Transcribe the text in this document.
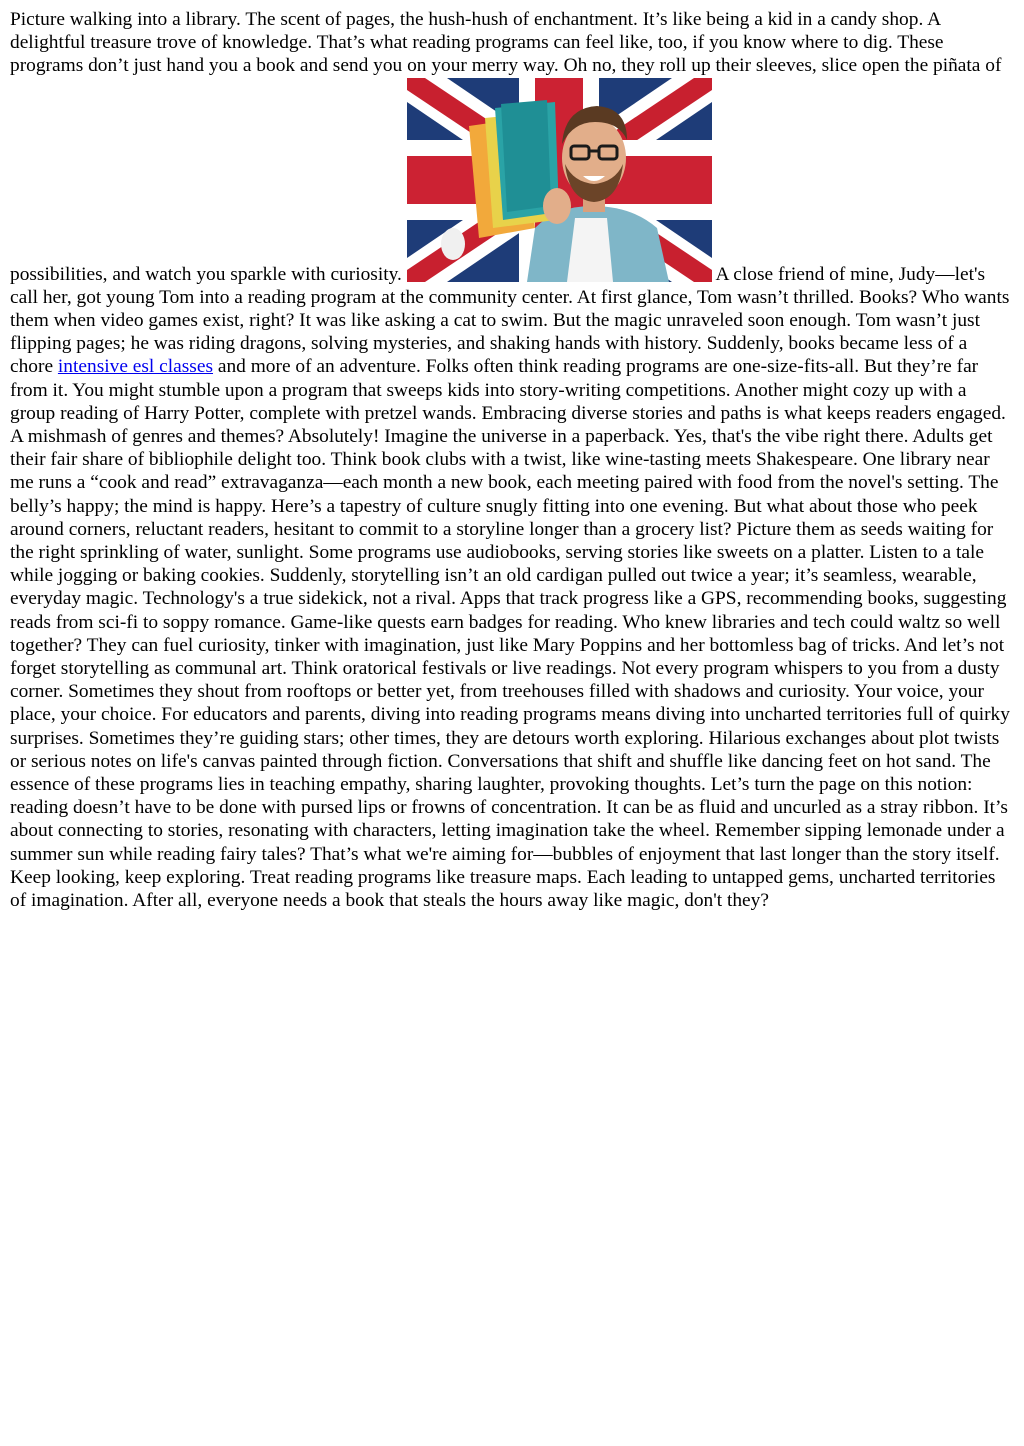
Picture walking into a library. The scent of pages, the hush-hush of enchantment. It’s like being a kid in a candy shop. A delightful treasure trove of knowledge. That’s what reading programs can feel like, too, if you know where to dig. These programs don’t just hand you a book and send you on your merry way. Oh no, they roll up their sleeves, slice open the piñata of possibilities, and watch you sparkle with curiosity.	A close friend of mine, Judy—let's call her, got young Tom into a reading program at the community center. At first glance, Tom wasn’t thrilled. Books? Who wants them when video games exist, right? It was like asking a cat to swim. But the magic unraveled soon enough. Tom wasn’t just flipping pages; he was riding dragons, solving mysteries, and shaking hands with history. Suddenly, books became less of a chore intensive esl classes and more of an adventure. Folks often think reading programs are one-size-fits-all. But they’re far from it. You might stumble upon a program that sweeps kids into story-writing competitions. Another might cozy up with a group reading of Harry Potter, complete with pretzel wands. Embracing diverse stories and paths is what keeps readers engaged. A mishmash of genres and themes? Absolutely! Imagine the universe in a paperback. Yes, that's the vibe right there. Adults get their fair share of bibliophile delight too. Think book clubs with a twist, like wine-tasting meets Shakespeare. One library near me runs a “cook and read” extravaganza—each month a new book, each meeting paired with food from the novel's setting. The belly’s happy; the mind is happy. Here’s a tapestry of culture snugly fitting into one evening. But what about those who peek around corners, reluctant readers, hesitant to commit to a storyline longer than a grocery list? Picture them as seeds waiting for the right sprinkling of water, sunlight. Some programs use audiobooks, serving stories like sweets on a platter. Listen to a tale while jogging or baking cookies. Suddenly, storytelling isn’t an old cardigan pulled out twice a year; it’s seamless, wearable, everyday magic. Technology's a true sidekick, not a rival. Apps that track progress like a GPS, recommending books, suggesting reads from sci-fi to soppy romance. Game-like quests earn badges for reading. Who knew libraries and tech could waltz so well together? They can fuel curiosity, tinker with imagination, just like Mary Poppins and her bottomless bag of tricks. And let’s not forget storytelling as communal art. Think oratorical festivals or live readings. Not every program whispers to you from a dusty corner. Sometimes they shout from rooftops or better yet, from treehouses filled with shadows and curiosity. Your voice, your place, your choice. For educators and parents, diving into reading programs means diving into uncharted territories full of quirky surprises. Sometimes they’re guiding stars; other times, they are detours worth exploring. Hilarious exchanges about plot twists or serious notes on life's canvas painted through fiction. Conversations that shift and shuffle like dancing feet on hot sand. The essence of these programs lies in teaching empathy, sharing laughter, provoking thoughts. Let’s turn the page on this notion: reading doesn’t have to be done with pursed lips or frowns of concentration. It can be as fluid and uncurled as a stray ribbon. It’s about connecting to stories, resonating with characters, letting imagination take the wheel. Remember sipping lemonade under a summer sun while reading fairy tales? That’s what we're aiming for—bubbles of enjoyment that last longer than the story itself. Keep looking, keep exploring. Treat reading programs like treasure maps. Each leading to untapped gems, uncharted territories of imagination. After all, everyone needs a book that steals the hours away like magic, don't they?
